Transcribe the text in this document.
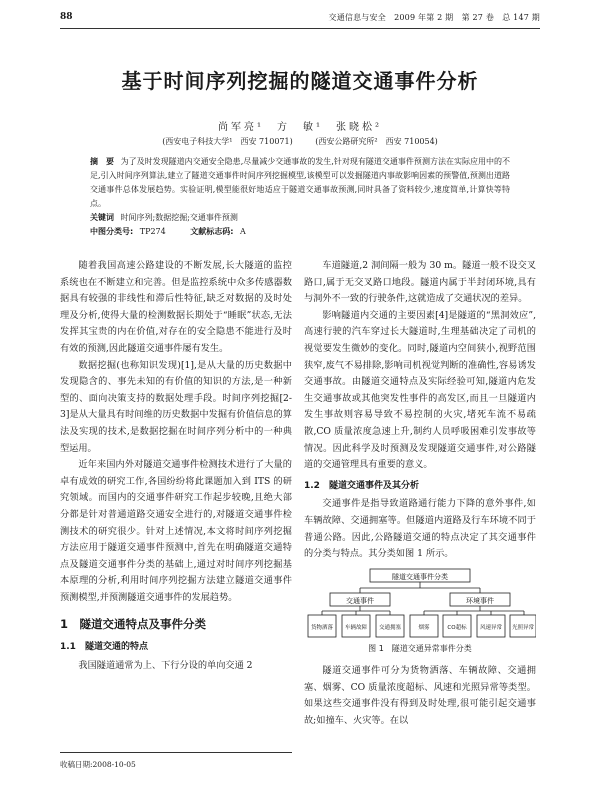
88	交通信息与安全　2009 年第 2 期　第 27 卷　总 147 期
基于时间序列挖掘的隧道交通事件分析
尚军亮¹　方　敏¹　张晓松²
(西安电子科技大学¹　西安 710071)	(西安公路研究所²　西安 710054)
摘　要 为了及时发现隧道内交通安全隐患,尽量减少交通事故的发生,针对现有隧道交通事件预测方法在实际应用中的不足,引入时间序列算法,建立了隧道交通事件时间序列挖掘模型,该模型可以发掘隧道内事故影响因素的预警值,预测出道路交通事件总体发展趋势。实验证明,模型能很好地适应于隧道交通事故预测,同时具备了资料较少,速度简单,计算快等特点。
关键词 时间序列;数据挖掘;交通事件预测
中图分类号: TP274	文献标志码: A

随着我国高速公路建设的不断发展,长大隧道的监控系统也在不断建立和完善。但是监控系统中众多传感器数据具有较强的非线性和滞后性特征,缺乏对数据的及时处理及分析,使得大量的检测数据长期处于“睡眠”状态,无法发挥其宝贵的内在价值,对存在的安全隐患不能进行及时有效的预测,因此隧道交通事件屡有发生。

数据挖掘(也称知识发现)[1],是从大量的历史数据中发现隐含的、事先未知的有价值的知识的方法,是一种新型的、面向决策支持的数据处理手段。时间序列挖掘[2-3]是从大量具有时间维的历史数据中发掘有价值信息的算法及实现的技术,是数据挖掘在时间序列分析中的一种典型运用。

近年来国内外对隧道交通事件检测技术进行了大量的卓有成效的研究工作,各国纷纷将此课题加入到 ITS 的研究领域。而国内的交通事件研究工作起步较晚,且绝大部分都是针对普通道路交通安全进行的,对隧道交通事件检测技术的研究很少。针对上述情况,本文将时间序列挖掘方法应用于隧道交通事件预测中,首先在明确隧道交通特点及隧道交通事件分类的基础上,通过对时间序列挖掘基本原理的分析,利用时间序列挖掘方法建立隧道交通事件预测模型,并预测隧道交通事件的发展趋势。

1　隧道交通特点及事件分类
1.1　隧道交通的特点

我国隧道通常为上、下行分设的单向交通 2

收稿日期:2008-10-05

车道隧道,2 洞间隔一般为 30 m。隧道一般不设交叉路口,属于无交叉路口地段。隧道内属于半封闭环境,具有与洞外不一致的行驶条件,这就造成了交通状况的差异。

影响隧道内交通的主要因素[4]是隧道的“黑洞效应”,高速行驶的汽车穿过长大隧道时,生理基础决定了司机的视觉要发生微妙的变化。同时,隧道内空间狭小,视野范围狭窄,废气不易排除,影响司机视觉判断的准确性,容易诱发交通事故。由隧道交通特点及实际经验可知,隧道内危发生交通事故或其他突发性事件的高发区,而且一旦隧道内发生事故则容易导致不易控制的火灾,堵死车流不易疏散,CO 质量浓度急速上升,制约人员呼吸困难引发事故等情况。因此科学及时预测及发现隧道交通事件,对公路隧道的交通管理具有重要的意义。

1.2　隧道交通事件及其分析

交通事件是指导致道路通行能力下降的意外事件,如车辆故障、交通拥塞等。但隧道内道路及行车环境不同于普通公路。因此,公路隧道交通的特点决定了其交通事件的分类与特点。其分类如图 1 所示。

隧道交通事件分类
交通事件	环境事件
货物洒落 车辆故障 交通拥塞	烟雾	CO超标 风速异常 光照异常
图 1　隧道交通异常事件分类

隧道交通事件可分为货物洒落、车辆故障、交通拥塞、烟雾、CO 质量浓度超标、风速和光照异常等类型。如果这些交通事件没有得到及时处理,很可能引起交通事故;如撞车、火灾等。在以
